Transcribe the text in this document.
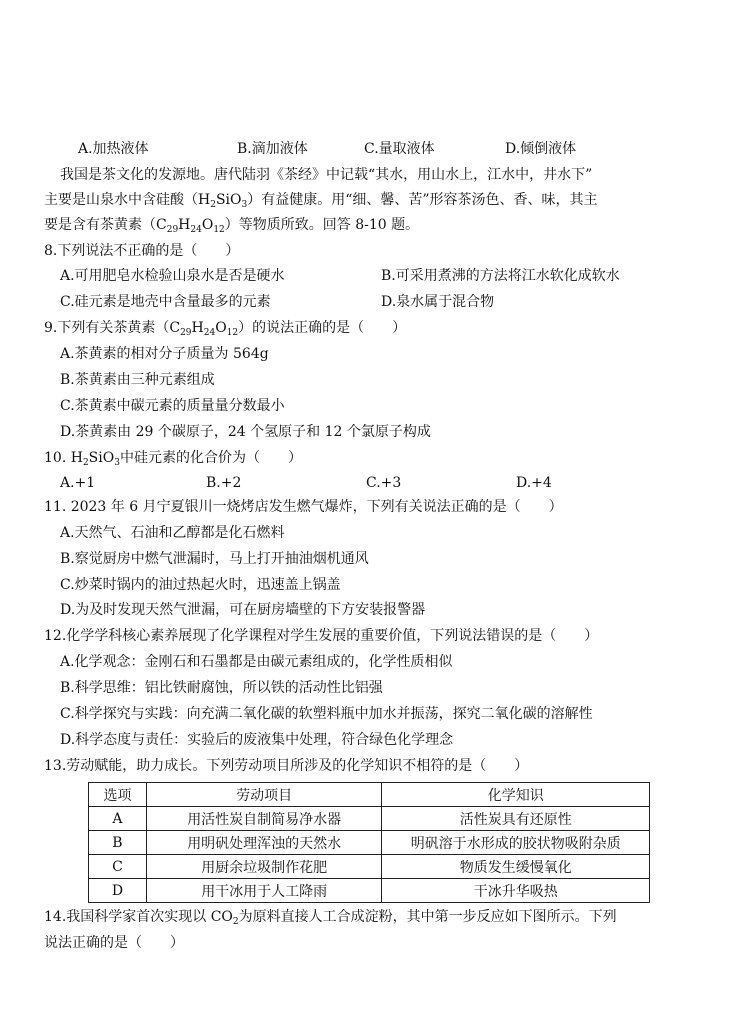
A.加热液体	B.滴加液体	C.量取液体	D.倾倒液体
我国是茶文化的发源地。唐代陆羽《茶经》中记载“其水，用山水上，江水中，井水下”
主要是山泉水中含硅酸$(H_2SiO_3)$有益健康。用“细、馨、苦”形容茶汤色、香、味，其主
要是含有茶黄素$(C_{29}H_{24}O_{12})$等物质所致。回答 8-10 题。
8.下列说法不正确的是（　　）
A.可用肥皂水检验山泉水是否是硬水	B.可采用煮沸的方法将江水软化成软水
C.硅元素是地壳中含量最多的元素	D.泉水属于混合物
9.下列有关茶黄素$(C_{29}H_{24}O_{12})$的说法正确的是（　　）
A.茶黄素的相对分子质量为 564g
B.茶黄素由三种元素组成
C.茶黄素中碳元素的质量量分数最小
D.茶黄素由 29 个碳原子，24 个氢原子和 12 个氯原子构成
10. $H_2SiO_3$中硅元素的化合价为（　　）
A.+1	B.+2	C.+3	D.+4
11. 2023 年 6 月宁夏银川一烧烤店发生燃气爆炸，下列有关说法正确的是（　　）
A.天然气、石油和乙醇都是化石燃料
B.察觉厨房中燃气泄漏时，马上打开抽油烟机通风
C.炒菜时锅内的油过热起火时，迅速盖上锅盖
D.为及时发现天然气泄漏，可在厨房墙壁的下方安装报警器
12.化学学科核心素养展现了化学课程对学生发展的重要价值，下列说法错误的是（　　）
A.化学观念：金刚石和石墨都是由碳元素组成的，化学性质相似
B.科学思维：铝比铁耐腐蚀，所以铁的活动性比铝强
C.科学探究与实践：向充满二氧化碳的软塑料瓶中加水并振荡，探究二氧化碳的溶解性
D.科学态度与责任：实验后的废液集中处理，符合绿色化学理念
13.劳动赋能，助力成长。下列劳动项目所涉及的化学知识不相符的是（　　）
选项	劳动项目	化学知识
A	用活性炭自制简易净水器	活性炭具有还原性
B	用明矾处理浑浊的天然水	明矾溶于水形成的胶状物吸附杂质
C	用厨余垃圾制作花肥	物质发生缓慢氧化
D	用干冰用于人工降雨	干冰升华吸热
14.我国科学家首次实现以 $CO_2$为原料直接人工合成淀粉，其中第一步反应如下图所示。下列
说法正确的是（　　）
